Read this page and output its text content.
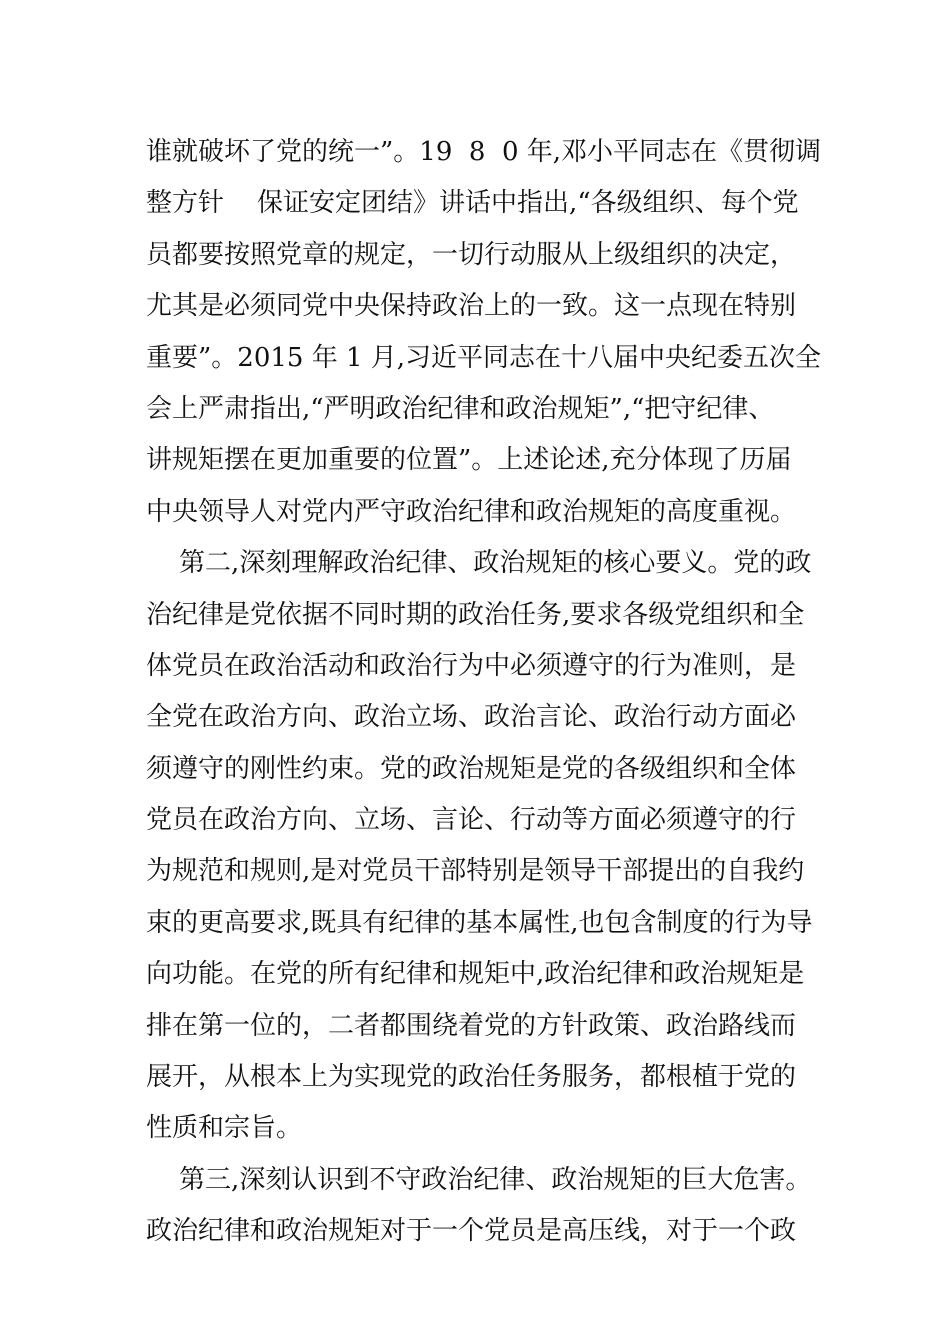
谁就破坏了党的统一”。19  8  0 年,邓小平同志在《贯彻调
整方针    保证安定团结》讲话中指出,“各级组织、每个党
员都要按照党章的规定，一切行动服从上级组织的决定，
尤其是必须同党中央保持政治上的一致。这一点现在特别
重要”。2015 年 1 月,习近平同志在十八届中央纪委五次全
会上严肃指出,“严明政治纪律和政治规矩”,“把守纪律、
讲规矩摆在更加重要的位置”。上述论述,充分体现了历届
中央领导人对党内严守政治纪律和政治规矩的高度重视。
第二,深刻理解政治纪律、政治规矩的核心要义。党的政
治纪律是党依据不同时期的政治任务,要求各级党组织和全
体党员在政治活动和政治行为中必须遵守的行为准则，是
全党在政治方向、政治立场、政治言论、政治行动方面必
须遵守的刚性约束。党的政治规矩是党的各级组织和全体
党员在政治方向、立场、言论、行动等方面必须遵守的行
为规范和规则,是对党员干部特别是领导干部提出的自我约
束的更高要求,既具有纪律的基本属性,也包含制度的行为导
向功能。在党的所有纪律和规矩中,政治纪律和政治规矩是
排在第一位的，二者都围绕着党的方针政策、政治路线而
展开，从根本上为实现党的政治任务服务，都根植于党的
性质和宗旨。
第三,深刻认识到不守政治纪律、政治规矩的巨大危害。
政治纪律和政治规矩对于一个党员是高压线，对于一个政
